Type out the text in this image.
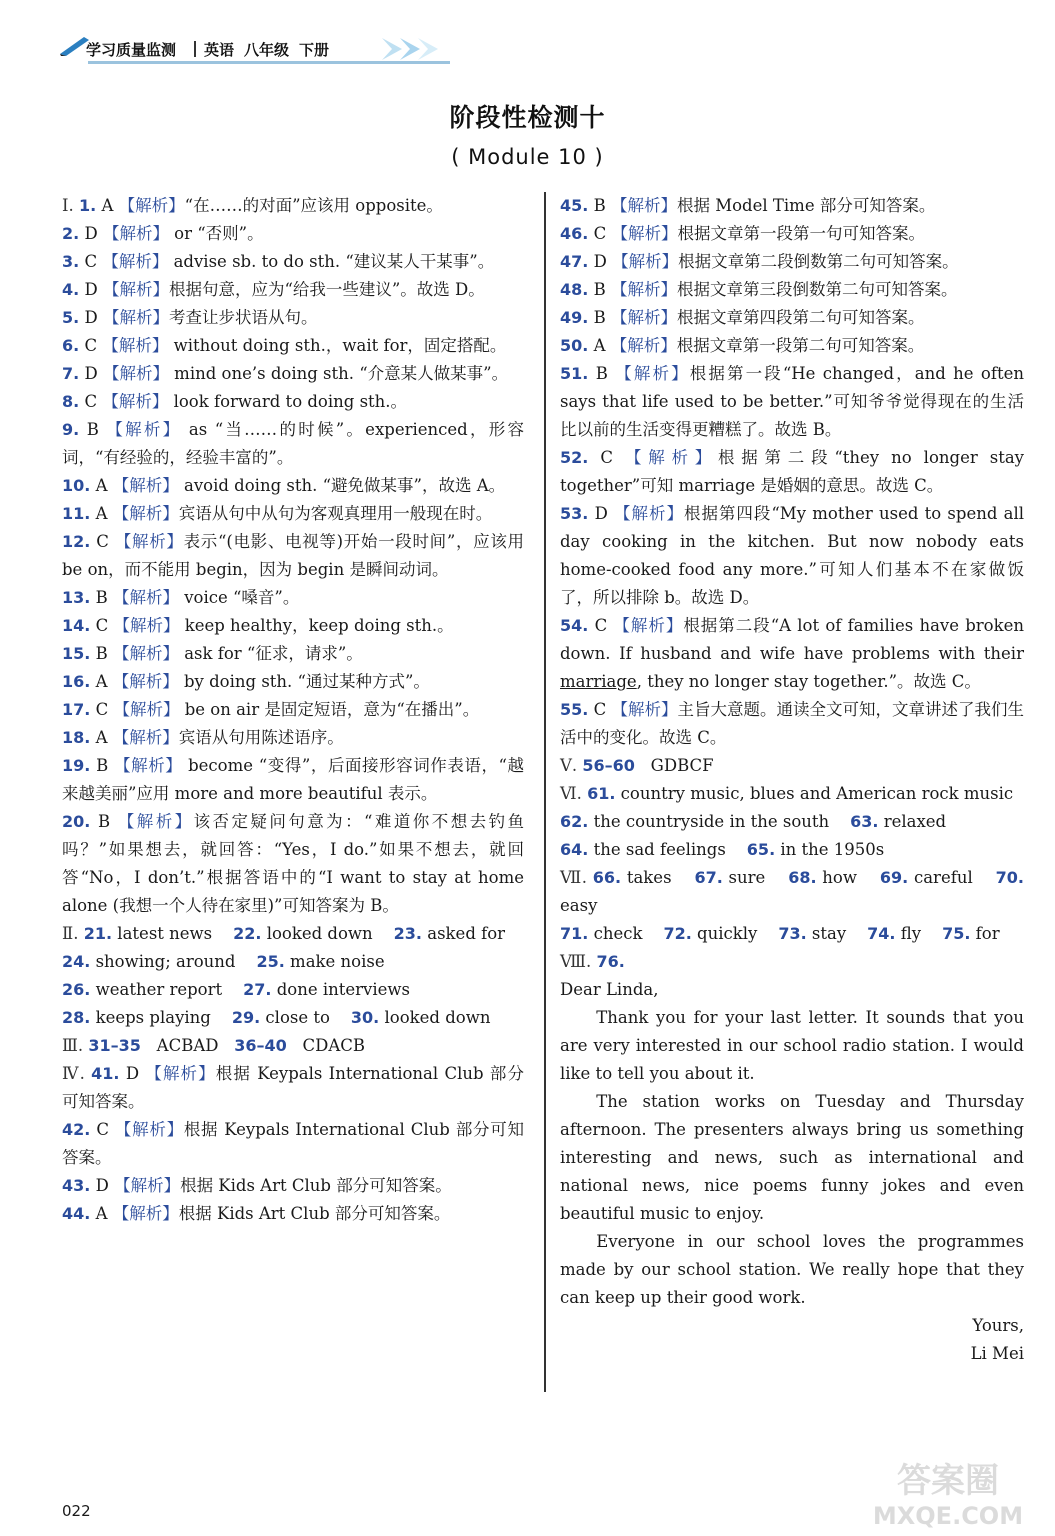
学习质量监测 英语 八年级 下册
阶段性检测十
( Module 10 )

Ⅰ. 1. A 【解析】“在……的对面”应该用 opposite。

2. D 【解析】 or “否则”。

3. C 【解析】 advise sb. to do sth. “建议某人干某事”。

4. D 【解析】根据句意，应为“给我一些建议”。故选 D。

5. D 【解析】考查让步状语从句。

6. C 【解析】 without doing sth.，wait for，固定搭配。

7. D 【解析】 mind one’s doing sth. “介意某人做某事”。

8. C 【解析】 look forward to doing sth.。

9. B 【解析】 as “当……的时候”。experienced，形容词，“有经验的，经验丰富的”。

10. A 【解析】 avoid doing sth. “避免做某事”，故选 A。

11. A 【解析】宾语从句中从句为客观真理用一般现在时。

12. C 【解析】表示“(电影、电视等)开始一段时间”，应该用 be on，而不能用 begin，因为 begin 是瞬间动词。

13. B 【解析】 voice “嗓音”。

14. C 【解析】 keep healthy，keep doing sth.。

15. B 【解析】 ask for “征求，请求”。

16. A 【解析】 by doing sth. “通过某种方式”。

17. C 【解析】 be on air 是固定短语，意为“在播出”。

18. A 【解析】宾语从句用陈述语序。

19. B 【解析】 become “变得”，后面接形容词作表语，“越来越美丽”应用 more and more beautiful 表示。

20. B 【解析】该否定疑问句意为：“难道你不想去钓鱼吗？”如果想去，就回答：“Yes，I do.”如果不想去，就回答“No，I don’t.”根据答语中的“I want to stay at home alone (我想一个人待在家里)”可知答案为 B。

Ⅱ. 21. latest news    22. looked down    23. asked for

24. showing; around    25. make noise

26. weather report    27. done interviews

28. keeps playing    29. close to    30. looked down

Ⅲ. 31–35   ACBAD   36–40   CDACB

Ⅳ. 41. D 【解析】根据 Keypals International Club 部分可知答案。

42. C 【解析】根据 Keypals International Club 部分可知答案。

43. D 【解析】根据 Kids Art Club 部分可知答案。

44. A 【解析】根据 Kids Art Club 部分可知答案。

45. B 【解析】根据 Model Time 部分可知答案。

46. C 【解析】根据文章第一段第一句可知答案。

47. D 【解析】根据文章第二段倒数第二句可知答案。

48. B 【解析】根据文章第三段倒数第二句可知答案。

49. B 【解析】根据文章第四段第二句可知答案。

50. A 【解析】根据文章第一段第二句可知答案。

51. B 【解析】根据第一段“He changed，and he often says that life used to be better.”可知爷爷觉得现在的生活比以前的生活变得更糟糕了。故选 B。

52. C 【解析】根据第二段“they no longer stay together”可知 marriage 是婚姻的意思。故选 C。

53. D 【解析】根据第四段“My mother used to spend all day cooking in the kitchen. But now nobody eats home-cooked food any more.”可知人们基本不在家做饭了，所以排除 b。故选 D。

54. C 【解析】根据第二段“A lot of families have broken down. If husband and wife have problems with their marriage, they no longer stay together.”。故选 C。

55. C 【解析】主旨大意题。通读全文可知，文章讲述了我们生活中的变化。故选 C。

Ⅴ. 56–60   GDBCF

Ⅵ. 61. country music, blues and American rock music

62. the countryside in the south    63. relaxed

64. the sad feelings    65. in the 1950s

Ⅶ. 66. takes    67. sure    68. how    69. careful    70. easy

71. check    72. quickly    73. stay    74. fly    75. for

Ⅷ. 76.

Dear Linda,

Thank you for your last letter. It sounds that you are very interested in our school radio station. I would like to tell you about it.

The station works on Tuesday and Thursday afternoon. The presenters always bring us something interesting and news, such as international and national news, nice poems funny jokes and even beautiful music to enjoy.

Everyone in our school loves the programmes made by our school station. We really hope that they can keep up their good work.

Yours,

Li Mei

022
答案圈
MXQE.COM
